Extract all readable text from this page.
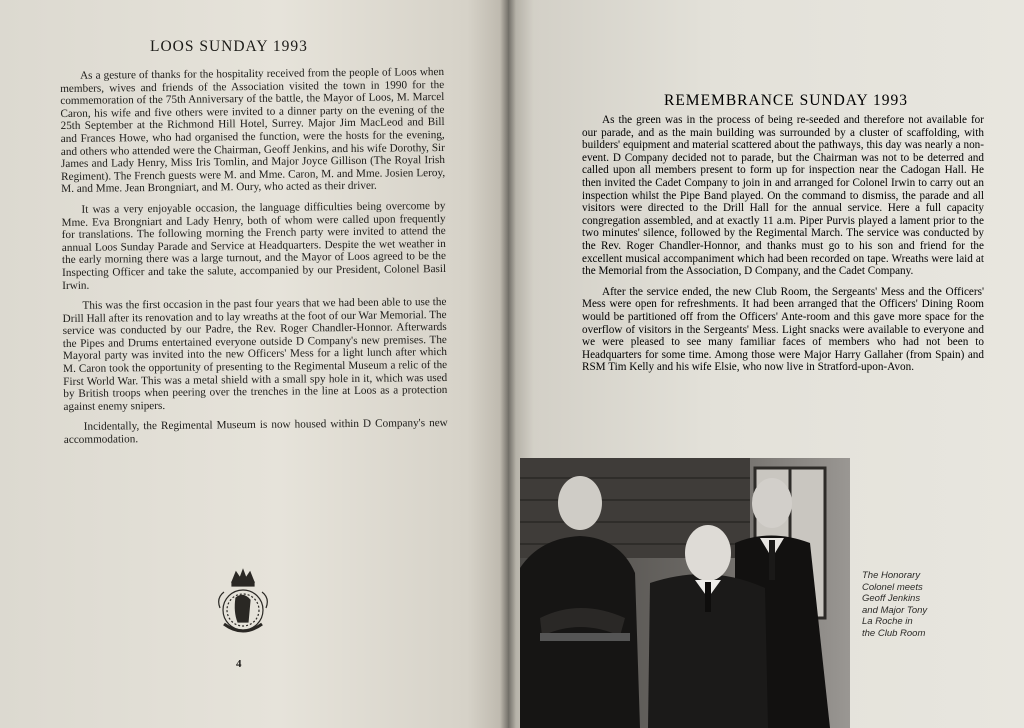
LOOS SUNDAY 1993

As a gesture of thanks for the hospitality received from the people of Loos when members, wives and friends of the Association visited the town in 1990 for the commemoration of the 75th Anniversary of the battle, the Mayor of Loos, M. Marcel Caron, his wife and five others were invited to a dinner party on the evening of the 25th September at the Richmond Hill Hotel, Surrey. Major Jim MacLeod and Bill and Frances Howe, who had organised the function, were the hosts for the evening, and others who attended were the Chairman, Geoff Jenkins, and his wife Dorothy, Sir James and Lady Henry, Miss Iris Tomlin, and Major Joyce Gillison (The Royal Irish Regiment). The French guests were M. and Mme. Caron, M. and Mme. Josien Leroy, M. and Mme. Jean Brongniart, and M. Oury, who acted as their driver.

It was a very enjoyable occasion, the language difficulties being overcome by Mme. Eva Brongniart and Lady Henry, both of whom were called upon frequently for translations. The following morning the French party were invited to attend the annual Loos Sunday Parade and Service at Headquarters. Despite the wet weather in the early morning there was a large turnout, and the Mayor of Loos agreed to be the Inspecting Officer and take the salute, accompanied by our President, Colonel Basil Irwin.

This was the first occasion in the past four years that we had been able to use the Drill Hall after its renovation and to lay wreaths at the foot of our War Memorial. The service was conducted by our Padre, the Rev. Roger Chandler-Honnor. Afterwards the Pipes and Drums entertained everyone outside D Company's new premises. The Mayoral party was invited into the new Officers' Mess for a light lunch after which M. Caron took the opportunity of presenting to the Regimental Museum a relic of the First World War. This was a metal shield with a small spy hole in it, which was used by British troops when peering over the trenches in the line at Loos as a protection against enemy snipers.

Incidentally, the Regimental Museum is now housed within D Company's new accommodation.

4
REMEMBRANCE SUNDAY 1993

As the green was in the process of being re-seeded and therefore not available for our parade, and as the main building was surrounded by a cluster of scaffolding, with builders' equipment and material scattered about the pathways, this day was nearly a non-event. D Company decided not to parade, but the Chairman was not to be deterred and called upon all members present to form up for inspection near the Cadogan Hall. He then invited the Cadet Company to join in and arranged for Colonel Irwin to carry out an inspection whilst the Pipe Band played. On the command to dismiss, the parade and all visitors were directed to the Drill Hall for the annual service. Here a full capacity congregation assembled, and at exactly 11 a.m. Piper Purvis played a lament prior to the two minutes' silence, followed by the Regimental March. The service was conducted by the Rev. Roger Chandler-Honnor, and thanks must go to his son and friend for the excellent musical accompaniment which had been recorded on tape. Wreaths were laid at the Memorial from the Association, D Company, and the Cadet Company.

After the service ended, the new Club Room, the Sergeants' Mess and the Officers' Mess were open for refreshments. It had been arranged that the Officers' Dining Room would be partitioned off from the Officers' Ante-room and this gave more space for the overflow of visitors in the Sergeants' Mess. Light snacks were available to everyone and we were pleased to see many familiar faces of members who had not been to Headquarters for some time. Among those were Major Harry Gallaher (from Spain) and RSM Tim Kelly and his wife Elsie, who now live in Stratford-upon-Avon.

The Honorary
Colonel meets
Geoff Jenkins
and Major Tony
La Roche in
the Club Room
